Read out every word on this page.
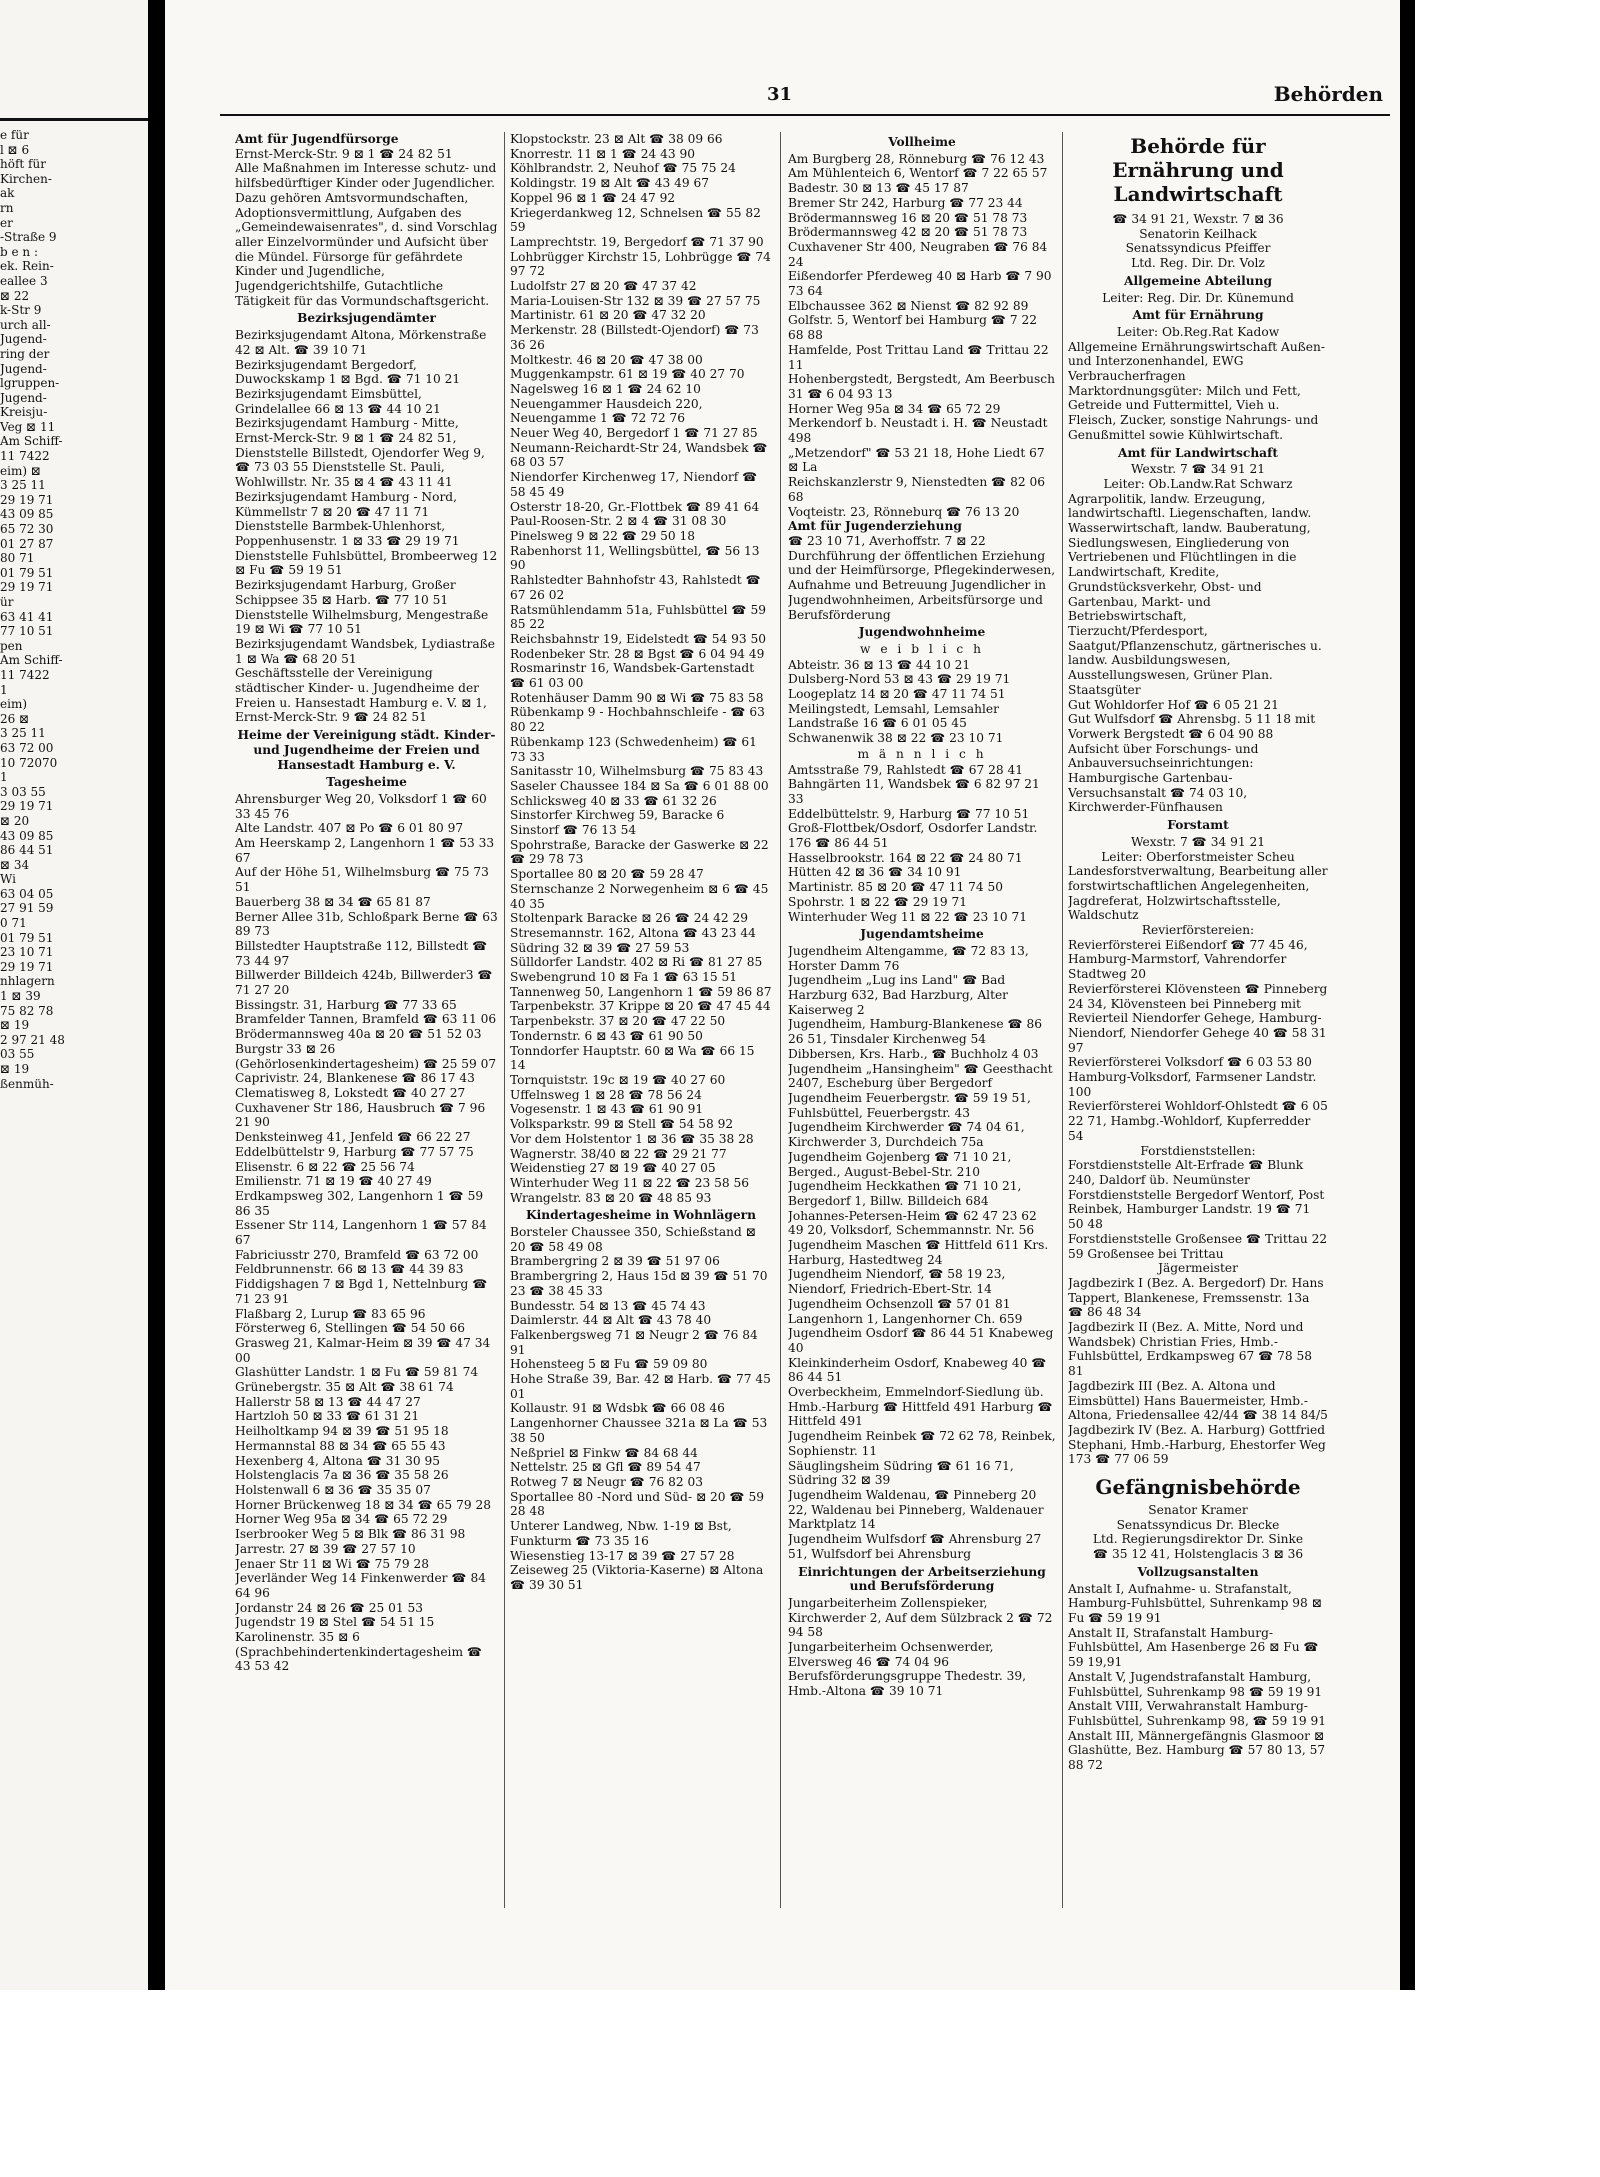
e für
l ⊠ 6
höft für
Kirchen-
ak
rn
er
-Straße 9
b e n :
ek. Rein-
eallee 3
⊠ 22
k-Str 9
urch all-
Jugend-
ring der
Jugend-
lgruppen-
Jugend-
Kreisju-
Veg ⊠ 11
Am Schiff-
11 7422
eim) ⊠
3 25 11
29 19 71
43 09 85
65 72 30
01 27 87
80 71
01 79 51
29 19 71
ür
63 41 41
77 10 51
pen
Am Schiff-
11 7422
1
eim)
26 ⊠
3 25 11
63 72 00
10 72070
1
3 03 55
29 19 71
⊠ 20
43 09 85
86 44 51
⊠ 34
Wi
63 04 05
27 91 59
0 71
01 79 51
23 10 71
29 19 71
nhlagern
1 ⊠ 39
75 82 78
⊠ 19
2 97 21 48
03 55
⊠ 19
ßenmüh-
31	Behörden
Amt für Jugendfürsorge
Ernst-Merck-Str. 9 ⊠ 1 ☎ 24 82 51
Alle Maßnahmen im Interesse schutz- und hilfsbedürftiger Kinder oder Jugendlicher. Dazu gehören Amtsvormundschaften, Adoptionsvermittlung, Aufgaben des „Gemeindewaisenrates", d. sind Vorschlag aller Einzelvormünder und Aufsicht über die Mündel. Fürsorge für gefährdete Kinder und Jugendliche, Jugendgerichtshilfe, Gutachtliche Tätigkeit für das Vormundschaftsgericht.
Bezirksjugendämter
Bezirksjugendamt Altona, Mörkenstraße 42 ⊠ Alt. ☎ 39 10 71
Bezirksjugendamt Bergedorf, Duwockskamp 1 ⊠ Bgd. ☎ 71 10 21
Bezirksjugendamt Eimsbüttel, Grindelallee 66 ⊠ 13 ☎ 44 10 21
Bezirksjugendamt Hamburg - Mitte, Ernst-Merck-Str. 9 ⊠ 1 ☎ 24 82 51, Dienststelle Billstedt, Ojendorfer Weg 9, ☎ 73 03 55 Dienststelle St. Pauli, Wohlwillstr. Nr. 35 ⊠ 4 ☎ 43 11 41
Bezirksjugendamt Hamburg - Nord, Kümmellstr 7 ⊠ 20 ☎ 47 11 71 Dienststelle Barmbek-Uhlenhorst, Poppenhusenstr. 1 ⊠ 33 ☎ 29 19 71 Dienststelle Fuhlsbüttel, Brombeerweg 12 ⊠ Fu ☎ 59 19 51
Bezirksjugendamt Harburg, Großer Schippsee 35 ⊠ Harb. ☎ 77 10 51 Dienststelle Wilhelmsburg, Mengestraße 19 ⊠ Wi ☎ 77 10 51
Bezirksjugendamt Wandsbek, Lydiastraße 1 ⊠ Wa ☎ 68 20 51
Geschäftsstelle der Vereinigung städtischer Kinder- u. Jugendheime der Freien u. Hansestadt Hamburg e. V. ⊠ 1, Ernst-Merck-Str. 9 ☎ 24 82 51
Heime der Vereinigung städt. Kinder- und Jugendheime der Freien und Hansestadt Hamburg e. V.
Tagesheime
Ahrensburger Weg 20, Volksdorf 1 ☎ 60 33 45 76
Alte Landstr. 407 ⊠ Po ☎ 6 01 80 97
Am Heerskamp 2, Langenhorn 1 ☎ 53 33 67
Auf der Höhe 51, Wilhelmsburg ☎ 75 73 51
Bauerberg 38 ⊠ 34 ☎ 65 81 87
Berner Allee 31b, Schloßpark Berne ☎ 63 89 73
Billstedter Hauptstraße 112, Billstedt ☎ 73 44 97
Billwerder Billdeich 424b, Billwerder3 ☎ 71 27 20
Bissingstr. 31, Harburg ☎ 77 33 65
Bramfelder Tannen, Bramfeld ☎ 63 11 06
Brödermannsweg 40a ⊠ 20 ☎ 51 52 03
Burgstr 33 ⊠ 26 (Gehörlosenkindertagesheim) ☎ 25 59 07
Caprivistr. 24, Blankenese ☎ 86 17 43
Clematisweg 8, Lokstedt ☎ 40 27 27
Cuxhavener Str 186, Hausbruch ☎ 7 96 21 90
Denksteinweg 41, Jenfeld ☎ 66 22 27
Eddelbüttelstr 9, Harburg ☎ 77 57 75
Elisenstr. 6 ⊠ 22 ☎ 25 56 74
Emilienstr. 71 ⊠ 19 ☎ 40 27 49
Erdkampsweg 302, Langenhorn 1 ☎ 59 86 35
Essener Str 114, Langenhorn 1 ☎ 57 84 67
Fabriciusstr 270, Bramfeld ☎ 63 72 00
Feldbrunnenstr. 66 ⊠ 13 ☎ 44 39 83
Fiddigshagen 7 ⊠ Bgd 1, Nettelnburg ☎ 71 23 91
Flaßbarg 2, Lurup ☎ 83 65 96
Försterweg 6, Stellingen ☎ 54 50 66
Grasweg 21, Kalmar-Heim ⊠ 39 ☎ 47 34 00
Glashütter Landstr. 1 ⊠ Fu ☎ 59 81 74
Grünebergstr. 35 ⊠ Alt ☎ 38 61 74
Hallerstr 58 ⊠ 13 ☎ 44 47 27
Hartzloh 50 ⊠ 33 ☎ 61 31 21
Heilholtkamp 94 ⊠ 39 ☎ 51 95 18
Hermannstal 88 ⊠ 34 ☎ 65 55 43
Hexenberg 4, Altona ☎ 31 30 95
Holstenglacis 7a ⊠ 36 ☎ 35 58 26
Holstenwall 6 ⊠ 36 ☎ 35 35 07
Horner Brückenweg 18 ⊠ 34 ☎ 65 79 28
Horner Weg 95a ⊠ 34 ☎ 65 72 29
Iserbrooker Weg 5 ⊠ Blk ☎ 86 31 98
Jarrestr. 27 ⊠ 39 ☎ 27 57 10
Jenaer Str 11 ⊠ Wi ☎ 75 79 28
Jeverländer Weg 14 Finkenwerder ☎ 84 64 96
Jordanstr 24 ⊠ 26 ☎ 25 01 53
Jugendstr 19 ⊠ Stel ☎ 54 51 15
Karolinenstr. 35 ⊠ 6 (Sprachbehindertenkindertagesheim ☎ 43 53 42
Klopstockstr. 23 ⊠ Alt ☎ 38 09 66
Knorrestr. 11 ⊠ 1 ☎ 24 43 90
Köhlbrandstr. 2, Neuhof ☎ 75 75 24
Koldingstr. 19 ⊠ Alt ☎ 43 49 67
Koppel 96 ⊠ 1 ☎ 24 47 92
Kriegerdankweg 12, Schnelsen ☎ 55 82 59
Lamprechtstr. 19, Bergedorf ☎ 71 37 90
Lohbrügger Kirchstr 15, Lohbrügge ☎ 74 97 72
Ludolfstr 27 ⊠ 20 ☎ 47 37 42
Maria-Louisen-Str 132 ⊠ 39 ☎ 27 57 75
Martinistr. 61 ⊠ 20 ☎ 47 32 20
Merkenstr. 28 (Billstedt-Ojendorf) ☎ 73 36 26
Moltkestr. 46 ⊠ 20 ☎ 47 38 00
Muggenkampstr. 61 ⊠ 19 ☎ 40 27 70
Nagelsweg 16 ⊠ 1 ☎ 24 62 10
Neuengammer Hausdeich 220, Neuengamme 1 ☎ 72 72 76
Neuer Weg 40, Bergedorf 1 ☎ 71 27 85
Neumann-Reichardt-Str 24, Wandsbek ☎ 68 03 57
Niendorfer Kirchenweg 17, Niendorf ☎ 58 45 49
Osterstr 18-20, Gr.-Flottbek ☎ 89 41 64
Paul-Roosen-Str. 2 ⊠ 4 ☎ 31 08 30
Pinelsweg 9 ⊠ 22 ☎ 29 50 18
Rabenhorst 11, Wellingsbüttel, ☎ 56 13 90
Rahlstedter Bahnhofstr 43, Rahlstedt ☎ 67 26 02
Ratsmühlendamm 51a, Fuhlsbüttel ☎ 59 85 22
Reichsbahnstr 19, Eidelstedt ☎ 54 93 50
Rodenbeker Str. 28 ⊠ Bgst ☎ 6 04 94 49
Rosmarinstr 16, Wandsbek-Gartenstadt ☎ 61 03 00
Rotenhäuser Damm 90 ⊠ Wi ☎ 75 83 58
Rübenkamp 9 - Hochbahnschleife - ☎ 63 80 22
Rübenkamp 123 (Schwedenheim) ☎ 61 73 33
Sanitasstr 10, Wilhelmsburg ☎ 75 83 43
Saseler Chaussee 184 ⊠ Sa ☎ 6 01 88 00
Schlicksweg 40 ⊠ 33 ☎ 61 32 26
Sinstorfer Kirchweg 59, Baracke 6 Sinstorf ☎ 76 13 54
Spohrstraße, Baracke der Gaswerke ⊠ 22 ☎ 29 78 73
Sportallee 80 ⊠ 20 ☎ 59 28 47
Sternschanze 2 Norwegenheim ⊠ 6 ☎ 45 40 35
Stoltenpark Baracke ⊠ 26 ☎ 24 42 29
Stresemannstr. 162, Altona ☎ 43 23 44
Südring 32 ⊠ 39 ☎ 27 59 53
Sülldorfer Landstr. 402 ⊠ Ri ☎ 81 27 85
Swebengrund 10 ⊠ Fa 1 ☎ 63 15 51
Tannenweg 50, Langenhorn 1 ☎ 59 86 87
Tarpenbekstr. 37 Krippe ⊠ 20 ☎ 47 45 44
Tarpenbekstr. 37 ⊠ 20 ☎ 47 22 50
Tondernstr. 6 ⊠ 43 ☎ 61 90 50
Tonndorfer Hauptstr. 60 ⊠ Wa ☎ 66 15 14
Tornquiststr. 19c ⊠ 19 ☎ 40 27 60
Uffelnsweg 1 ⊠ 28 ☎ 78 56 24
Vogesenstr. 1 ⊠ 43 ☎ 61 90 91
Volksparkstr. 99 ⊠ Stell ☎ 54 58 92
Vor dem Holstentor 1 ⊠ 36 ☎ 35 38 28
Wagnerstr. 38/40 ⊠ 22 ☎ 29 21 77
Weidenstieg 27 ⊠ 19 ☎ 40 27 05
Winterhuder Weg 11 ⊠ 22 ☎ 23 58 56
Wrangelstr. 83 ⊠ 20 ☎ 48 85 93
Kindertagesheime in Wohnlägern
Borsteler Chaussee 350, Schießstand ⊠ 20 ☎ 58 49 08
Brambergring 2 ⊠ 39 ☎ 51 97 06
Brambergring 2, Haus 15d ⊠ 39 ☎ 51 70 23 ☎ 38 45 33
Bundesstr. 54 ⊠ 13 ☎ 45 74 43
Daimlerstr. 44 ⊠ Alt ☎ 43 78 40
Falkenbergsweg 71 ⊠ Neugr 2 ☎ 76 84 91
Hohensteeg 5 ⊠ Fu ☎ 59 09 80
Hohe Straße 39, Bar. 42 ⊠ Harb. ☎ 77 45 01
Kollaustr. 91 ⊠ Wdsbk ☎ 66 08 46
Langenhorner Chaussee 321a ⊠ La ☎ 53 38 50
Neßpriel ⊠ Finkw ☎ 84 68 44
Nettelstr. 25 ⊠ Gfl ☎ 89 54 47
Rotweg 7 ⊠ Neugr ☎ 76 82 03
Sportallee 80 -Nord und Süd- ⊠ 20 ☎ 59 28 48
Unterer Landweg, Nbw. 1-19 ⊠ Bst, Funkturm ☎ 73 35 16
Wiesenstieg 13-17 ⊠ 39 ☎ 27 57 28
Zeiseweg 25 (Viktoria-Kaserne) ⊠ Altona ☎ 39 30 51
Vollheime
Am Burgberg 28, Rönneburg ☎ 76 12 43
Am Mühlenteich 6, Wentorf ☎ 7 22 65 57
Badestr. 30 ⊠ 13 ☎ 45 17 87
Bremer Str 242, Harburg ☎ 77 23 44
Brödermannsweg 16 ⊠ 20 ☎ 51 78 73
Brödermannsweg 42 ⊠ 20 ☎ 51 78 73
Cuxhavener Str 400, Neugraben ☎ 76 84 24
Eißendorfer Pferdeweg 40 ⊠ Harb ☎ 7 90 73 64
Elbchaussee 362 ⊠ Nienst ☎ 82 92 89
Golfstr. 5, Wentorf bei Hamburg ☎ 7 22 68 88
Hamfelde, Post Trittau Land ☎ Trittau 22 11
Hohenbergstedt, Bergstedt, Am Beerbusch 31 ☎ 6 04 93 13
Horner Weg 95a ⊠ 34 ☎ 65 72 29
Merkendorf b. Neustadt i. H. ☎ Neustadt 498
„Metzendorf" ☎ 53 21 18, Hohe Liedt 67 ⊠ La
Reichskanzlerstr 9, Nienstedten ☎ 82 06 68
Voqteistr. 23, Rönneburq ☎ 76 13 20
Amt für Jugenderziehung
☎ 23 10 71, Averhoffstr. 7 ⊠ 22 Durchführung der öffentlichen Erziehung und der Heimfürsorge, Pflegekinderwesen, Aufnahme und Betreuung Jugendlicher in Jugendwohnheimen, Arbeitsfürsorge und Berufsförderung
Jugendwohnheime
w e i b l i c h
Abteistr. 36 ⊠ 13 ☎ 44 10 21
Dulsberg-Nord 53 ⊠ 43 ☎ 29 19 71
Loogeplatz 14 ⊠ 20 ☎ 47 11 74 51
Meilingstedt, Lemsahl, Lemsahler Landstraße 16 ☎ 6 01 05 45
Schwanenwik 38 ⊠ 22 ☎ 23 10 71
m ä n n l i c h
Amtsstraße 79, Rahlstedt ☎ 67 28 41
Bahngärten 11, Wandsbek ☎ 6 82 97 21 33
Eddelbüttelstr. 9, Harburg ☎ 77 10 51
Groß-Flottbek/Osdorf, Osdorfer Landstr. 176 ☎ 86 44 51
Hasselbrookstr. 164 ⊠ 22 ☎ 24 80 71
Hütten 42 ⊠ 36 ☎ 34 10 91
Martinistr. 85 ⊠ 20 ☎ 47 11 74 50
Spohrstr. 1 ⊠ 22 ☎ 29 19 71
Winterhuder Weg 11 ⊠ 22 ☎ 23 10 71
Jugendamtsheime
Jugendheim Altengamme, ☎ 72 83 13, Horster Damm 76
Jugendheim „Lug ins Land" ☎ Bad Harzburg 632, Bad Harzburg, Alter Kaiserweg 2
Jugendheim, Hamburg-Blankenese ☎ 86 26 51, Tinsdaler Kirchenweg 54
Dibbersen, Krs. Harb., ☎ Buchholz 4 03
Jugendheim „Hansingheim" ☎ Geesthacht 2407, Escheburg über Bergedorf
Jugendheim Feuerbergstr. ☎ 59 19 51, Fuhlsbüttel, Feuerbergstr. 43
Jugendheim Kirchwerder ☎ 74 04 61, Kirchwerder 3, Durchdeich 75a
Jugendheim Gojenberg ☎ 71 10 21, Berged., August-Bebel-Str. 210
Jugendheim Heckkathen ☎ 71 10 21, Bergedorf 1, Billw. Billdeich 684
Johannes-Petersen-Heim ☎ 62 47 23 62 49 20, Volksdorf, Schemmannstr. Nr. 56
Jugendheim Maschen ☎ Hittfeld 611 Krs. Harburg, Hastedtweg 24
Jugendheim Niendorf, ☎ 58 19 23, Niendorf, Friedrich-Ebert-Str. 14
Jugendheim Ochsenzoll ☎ 57 01 81 Langenhorn 1, Langenhorner Ch. 659
Jugendheim Osdorf ☎ 86 44 51 Knabeweg 40
Kleinkinderheim Osdorf, Knabeweg 40 ☎ 86 44 51
Overbeckheim, Emmelndorf-Siedlung üb. Hmb.-Harburg ☎ Hittfeld 491 Harburg ☎ Hittfeld 491
Jugendheim Reinbek ☎ 72 62 78, Reinbek, Sophienstr. 11
Säuglingsheim Südring ☎ 61 16 71, Südring 32 ⊠ 39
Jugendheim Waldenau, ☎ Pinneberg 20 22, Waldenau bei Pinneberg, Waldenauer Marktplatz 14
Jugendheim Wulfsdorf ☎ Ahrensburg 27 51, Wulfsdorf bei Ahrensburg
Einrichtungen der Arbeitserziehung und Berufsförderung
Jungarbeiterheim Zollenspieker, Kirchwerder 2, Auf dem Sülzbrack 2 ☎ 72 94 58
Jungarbeiterheim Ochsenwerder, Elversweg 46 ☎ 74 04 96
Berufsförderungsgruppe Thedestr. 39, Hmb.-Altona ☎ 39 10 71
Behörde für Ernährung und Landwirtschaft
☎ 34 91 21, Wexstr. 7 ⊠ 36
Senatorin Keilhack
Senatssyndicus Pfeiffer
Ltd. Reg. Dir. Dr. Volz
Allgemeine Abteilung
Leiter: Reg. Dir. Dr. Künemund
Amt für Ernährung
Leiter: Ob.Reg.Rat Kadow
Allgemeine Ernährungswirtschaft Außen- und Interzonenhandel, EWG Verbraucherfragen
Marktordnungsgüter: Milch und Fett, Getreide und Futtermittel, Vieh u. Fleisch, Zucker, sonstige Nahrungs- und Genußmittel sowie Kühlwirtschaft.
Amt für Landwirtschaft
Wexstr. 7 ☎ 34 91 21
Leiter: Ob.Landw.Rat Schwarz
Agrarpolitik, landw. Erzeugung, landwirtschaftl. Liegenschaften, landw. Wasserwirtschaft, landw. Bauberatung, Siedlungswesen, Eingliederung von Vertriebenen und Flüchtlingen in die Landwirtschaft, Kredite, Grundstücksverkehr, Obst- und Gartenbau, Markt- und Betriebswirtschaft, Tierzucht/Pferdesport, Saatgut/Pflanzenschutz, gärtnerisches u. landw. Ausbildungswesen, Ausstellungswesen, Grüner Plan.
Staatsgüter
Gut Wohldorfer Hof ☎ 6 05 21 21
Gut Wulfsdorf ☎ Ahrensbg. 5 11 18 mit Vorwerk Bergstedt ☎ 6 04 90 88
Aufsicht über Forschungs- und Anbauversuchseinrichtungen: Hamburgische Gartenbau-Versuchsanstalt ☎ 74 03 10, Kirchwerder-Fünfhausen
Forstamt
Wexstr. 7 ☎ 34 91 21
Leiter: Oberforstmeister Scheu
Landesforstverwaltung, Bearbeitung aller forstwirtschaftlichen Angelegenheiten, Jagdreferat, Holzwirtschaftsstelle, Waldschutz
Revierförstereien:
Revierförsterei Eißendorf ☎ 77 45 46, Hamburg-Marmstorf, Vahrendorfer Stadtweg 20
Revierförsterei Klövensteen ☎ Pinneberg 24 34, Klövensteen bei Pinneberg mit Revierteil Niendorfer Gehege, Hamburg-Niendorf, Niendorfer Gehege 40 ☎ 58 31 97
Revierförsterei Volksdorf ☎ 6 03 53 80 Hamburg-Volksdorf, Farmsener Landstr. 100
Revierförsterei Wohldorf-Ohlstedt ☎ 6 05 22 71, Hambg.-Wohldorf, Kupferredder 54
Forstdienststellen:
Forstdienststelle Alt-Erfrade ☎ Blunk 240, Daldorf üb. Neumünster
Forstdienststelle Bergedorf Wentorf, Post Reinbek, Hamburger Landstr. 19 ☎ 71 50 48
Forstdienststelle Großensee ☎ Trittau 22 59 Großensee bei Trittau
Jägermeister
Jagdbezirk I (Bez. A. Bergedorf) Dr. Hans Tappert, Blankenese, Fremssenstr. 13a ☎ 86 48 34
Jagdbezirk II (Bez. A. Mitte, Nord und Wandsbek) Christian Fries, Hmb.-Fuhlsbüttel, Erdkampsweg 67 ☎ 78 58 81
Jagdbezirk III (Bez. A. Altona und Eimsbüttel) Hans Bauermeister, Hmb.-Altona, Friedensallee 42/44 ☎ 38 14 84/5
Jagdbezirk IV (Bez. A. Harburg) Gottfried Stephani, Hmb.-Harburg, Ehestorfer Weg 173 ☎ 77 06 59
Gefängnisbehörde
Senator Kramer
Senatssyndicus Dr. Blecke
Ltd. Regierungsdirektor Dr. Sinke
☎ 35 12 41, Holstenglacis 3 ⊠ 36
Vollzugsanstalten
Anstalt I, Aufnahme- u. Strafanstalt, Hamburg-Fuhlsbüttel, Suhrenkamp 98 ⊠ Fu ☎ 59 19 91
Anstalt II, Strafanstalt Hamburg-Fuhlsbüttel, Am Hasenberge 26 ⊠ Fu ☎ 59 19,91
Anstalt V, Jugendstrafanstalt Hamburg, Fuhlsbüttel, Suhrenkamp 98 ☎ 59 19 91
Anstalt VIII, Verwahranstalt Hamburg-Fuhlsbüttel, Suhrenkamp 98, ☎ 59 19 91
Anstalt III, Männergefängnis Glasmoor ⊠ Glashütte, Bez. Hamburg ☎ 57 80 13, 57 88 72
